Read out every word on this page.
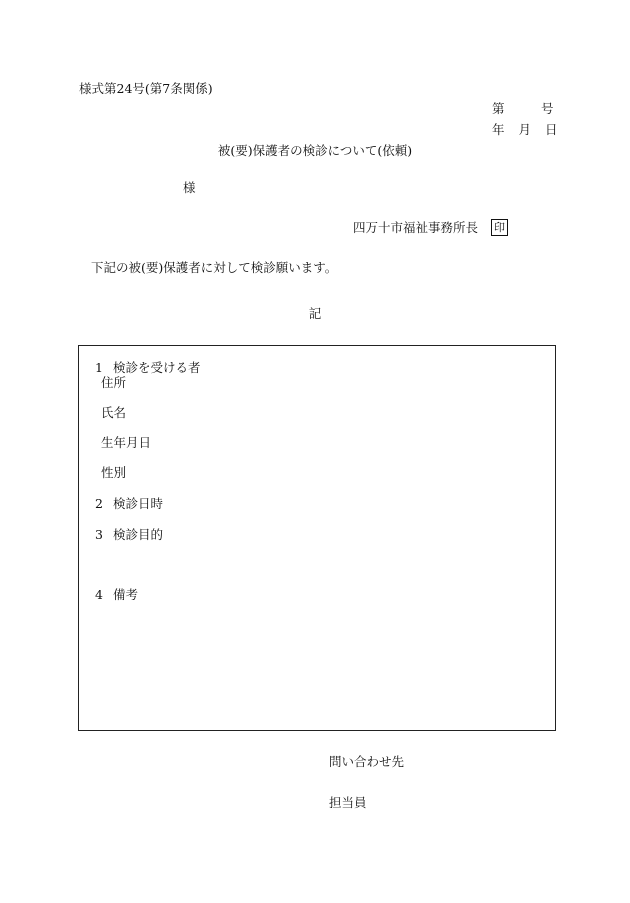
様式第24号(第7条関係)
第	号
年 月 日
被(要)保護者の検診について(依頼)
様
四万十市福祉事務所長 印
下記の被(要)保護者に対して検診願います。
記
1 検診を受ける者
住所
氏名
生年月日
性別
2 検診日時
3 検診目的
4 備考
問い合わせ先
担当員
